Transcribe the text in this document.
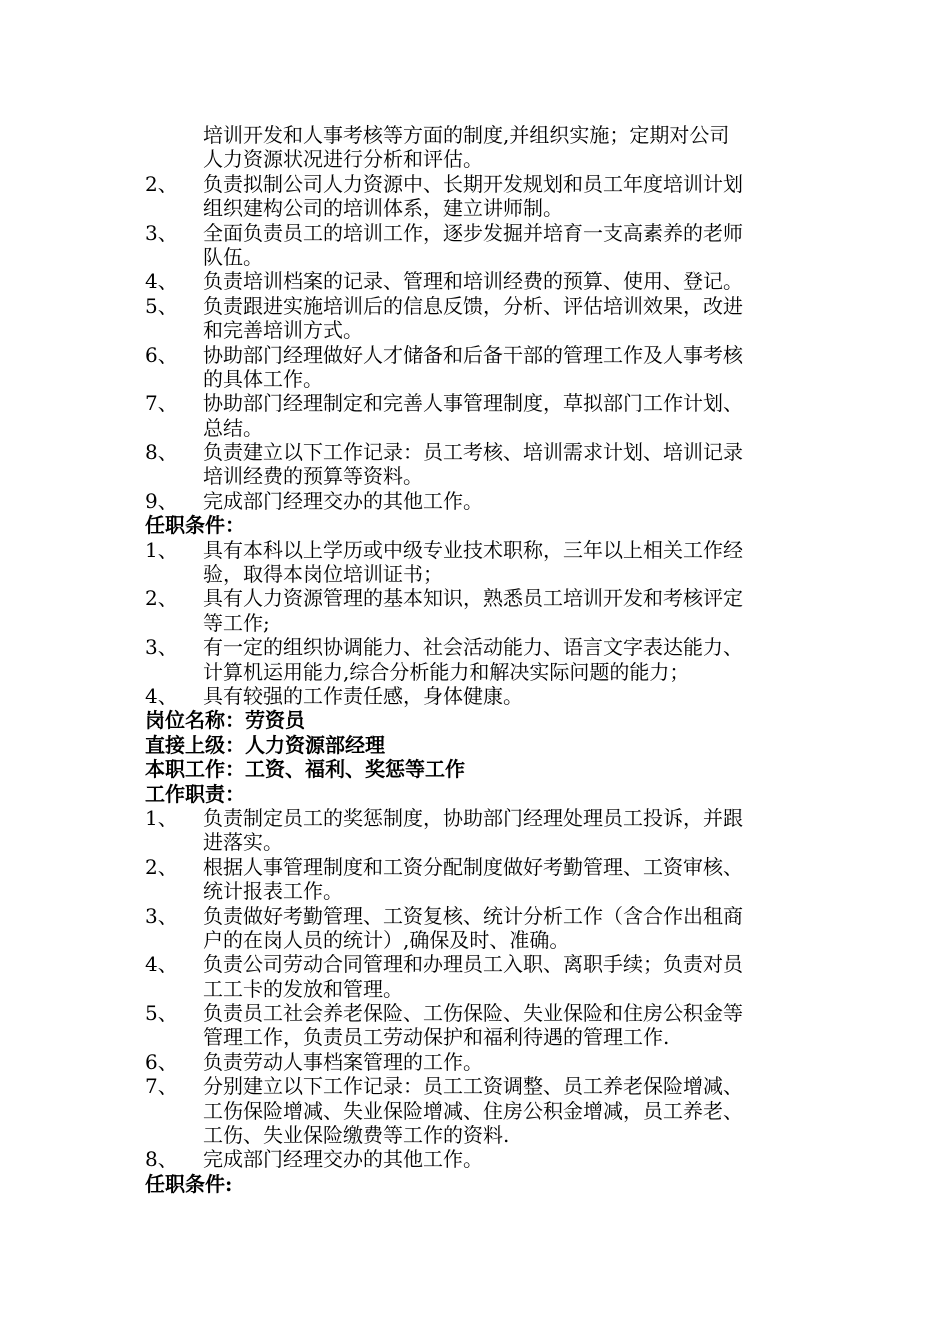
培训开发和人事考核等方面的制度,并组织实施；定期对公司
人力资源状况进行分析和评估。
2、	负责拟制公司人力资源中、长期开发规划和员工年度培训计划
组织建构公司的培训体系，建立讲师制。
3、	全面负责员工的培训工作，逐步发掘并培育一支高素养的老师
队伍。
4、	负责培训档案的记录、管理和培训经费的预算、使用、登记。
5、	负责跟进实施培训后的信息反馈，分析、评估培训效果，改进
和完善培训方式。
6、	协助部门经理做好人才储备和后备干部的管理工作及人事考核
的具体工作。
7、	协助部门经理制定和完善人事管理制度，草拟部门工作计划、
总结。
8、	负责建立以下工作记录：员工考核、培训需求计划、培训记录
培训经费的预算等资料。
9、	完成部门经理交办的其他工作。
任职条件：
1、	具有本科以上学历或中级专业技术职称，三年以上相关工作经
验，取得本岗位培训证书；
2、	具有人力资源管理的基本知识，熟悉员工培训开发和考核评定
等工作;
3、	有一定的组织协调能力、社会活动能力、语言文字表达能力、
计算机运用能力,综合分析能力和解决实际问题的能力；
4、	具有较强的工作责任感，身体健康。
岗位名称：劳资员
直接上级：人力资源部经理
本职工作：工资、福利、奖惩等工作
工作职责：
1、	负责制定员工的奖惩制度，协助部门经理处理员工投诉，并跟
进落实。
2、	根据人事管理制度和工资分配制度做好考勤管理、工资审核、
统计报表工作。
3、	负责做好考勤管理、工资复核、统计分析工作（含合作出租商
户的在岗人员的统计）,确保及时、准确。
4、	负责公司劳动合同管理和办理员工入职、离职手续；负责对员
工工卡的发放和管理。
5、	负责员工社会养老保险、工伤保险、失业保险和住房公积金等
管理工作，负责员工劳动保护和福利待遇的管理工作.
6、	负责劳动人事档案管理的工作。
7、	分别建立以下工作记录：员工工资调整、员工养老保险增减、
工伤保险增减、失业保险增减、住房公积金增减，员工养老、
工伤、失业保险缴费等工作的资料.
8、	完成部门经理交办的其他工作。
任职条件:
